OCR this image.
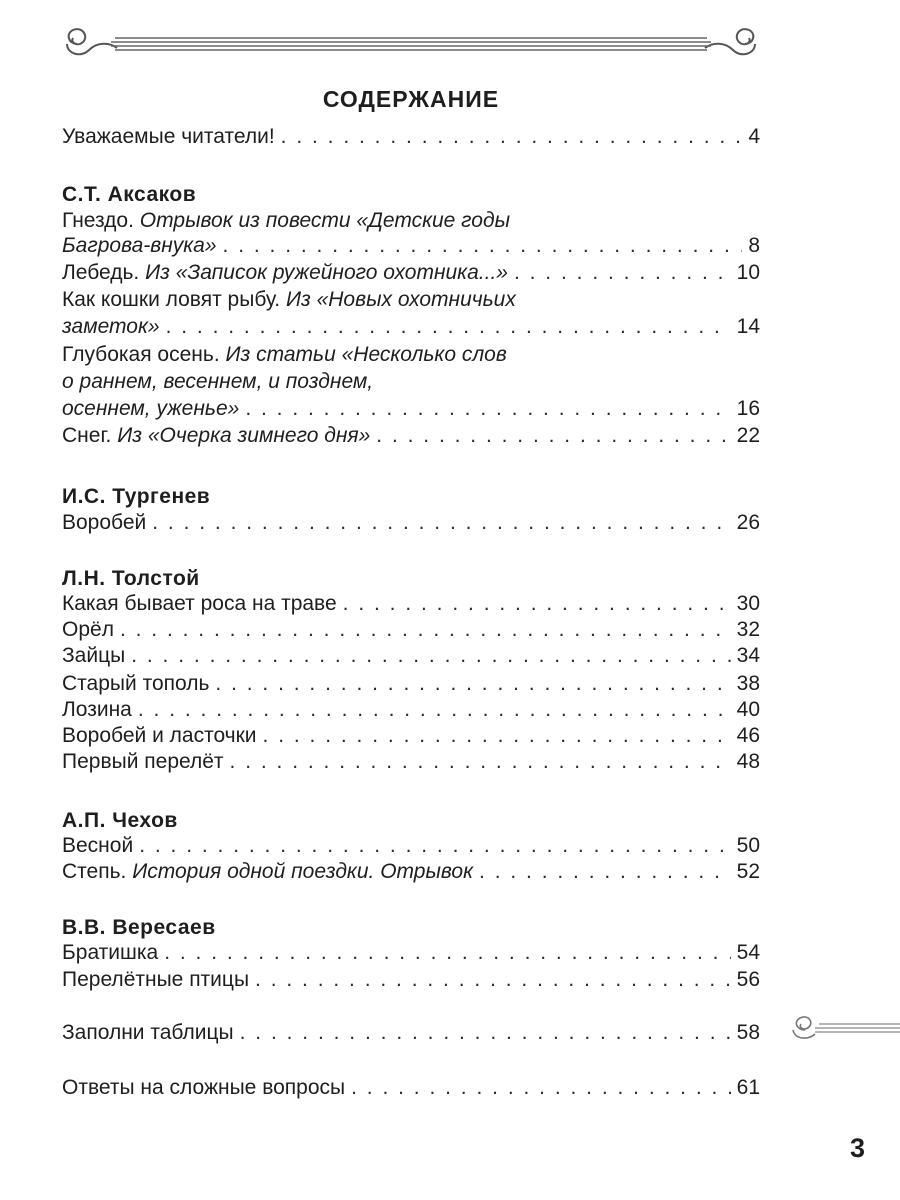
СОДЕРЖАНИЕ
Уважаемые читатели! . . .	4
С.Т. Аксаков
Гнездо. Отрывок из повести «Детские годы
Багрова-внука» . . .	8
Лебедь. Из «Записок ружейного охотника...» . . .	10
Как кошки ловят рыбу. Из «Новых охотничьих
заметок» . . .	14
Глубокая осень. Из статьи «Несколько слов
о раннем, весеннем, и позднем,
осеннем, уженье» . . .	16
Снег. Из «Очерка зимнего дня» . . .	22
И.С. Тургенев
Воробей . . .	26
Л.Н. Толстой
Какая бывает роса на траве . . .	30
Орёл . . .	32
Зайцы . . .	34
Старый тополь . . .	38
Лозина . . .	40
Воробей и ласточки . . .	46
Первый перелёт . . .	48
А.П. Чехов
Весной . . .	50
Степь. История одной поездки. Отрывок . . .	52
В.В. Вересаев
Братишка . . .	54
Перелётные птицы . . .	56
Заполни таблицы . . .	58
Ответы на сложные вопросы . . .	61
3
